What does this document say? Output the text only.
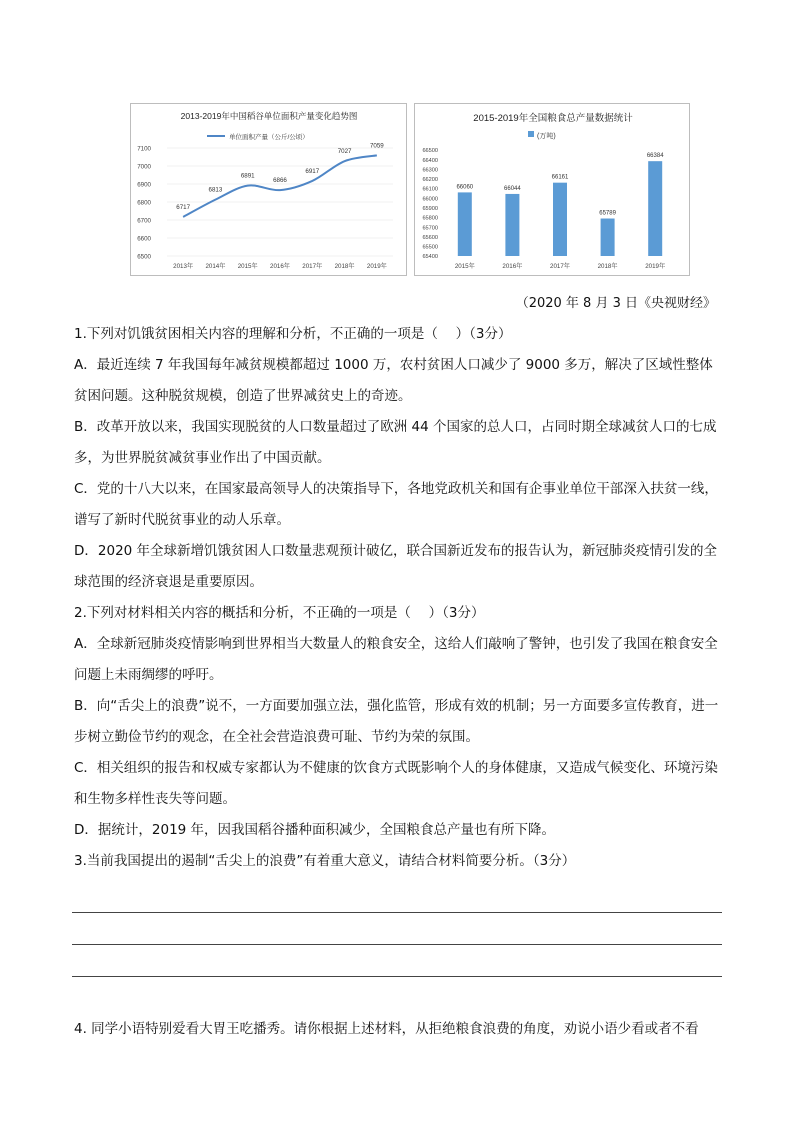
2013-2019年中国稻谷单位面积产量变化趋势图
单位面积产量（公斤/公顷）
6500
6600
6700
6800
6900
7000
7100
2013年 2014年 2015年 2016年 2017年 2018年 2019年
6717
6813
6891
6866
6917
7027
7059
2015-2019年全国粮食总产量数据统计
(万吨)
65400
65500
65600
65700
65800
65900
66000
66100
66200
66300
66400
66500
66060	66044
66161
65789
66384
2015年	2016年	2017年	2018年	2019年
（2020 年 8 月 3 日《央视财经》

1.下列对饥饿贫困相关内容的理解和分析，不正确的一项是（　 ）（3分）

A．最近连续 7 年我国每年减贫规模都超过 1000 万，农村贫困人口减少了 9000 多万，解决了区域性整体贫困问题。这种脱贫规模，创造了世界减贫史上的奇迹。

B．改革开放以来，我国实现脱贫的人口数量超过了欧洲 44 个国家的总人口，占同时期全球减贫人口的七成多，为世界脱贫减贫事业作出了中国贡献。

C．党的十八大以来，在国家最高领导人的决策指导下，各地党政机关和国有企事业单位干部深入扶贫一线，谱写了新时代脱贫事业的动人乐章。

D．2020 年全球新增饥饿贫困人口数量悲观预计破亿，联合国新近发布的报告认为，新冠肺炎疫情引发的全球范围的经济衰退是重要原因。

2.下列对材料相关内容的概括和分析，不正确的一项是（　 ）（3分）

A．全球新冠肺炎疫情影响到世界相当大数量人的粮食安全，这给人们敲响了警钟，也引发了我国在粮食安全问题上未雨绸缪的呼吁。

B．向“舌尖上的浪费”说不，一方面要加强立法，强化监管，形成有效的机制；另一方面要多宣传教育，进一步树立勤俭节约的观念，在全社会营造浪费可耻、节约为荣的氛围。

C．相关组织的报告和权威专家都认为不健康的饮食方式既影响个人的身体健康，又造成气候变化、环境污染和生物多样性丧失等问题。

D．据统计，2019 年，因我国稻谷播种面积减少，全国粮食总产量也有所下降。

3.当前我国提出的遏制“舌尖上的浪费”有着重大意义，请结合材料简要分析。（3分）

4. 同学小语特别爱看大胃王吃播秀。请你根据上述材料，从拒绝粮食浪费的角度，劝说小语少看或者不看
